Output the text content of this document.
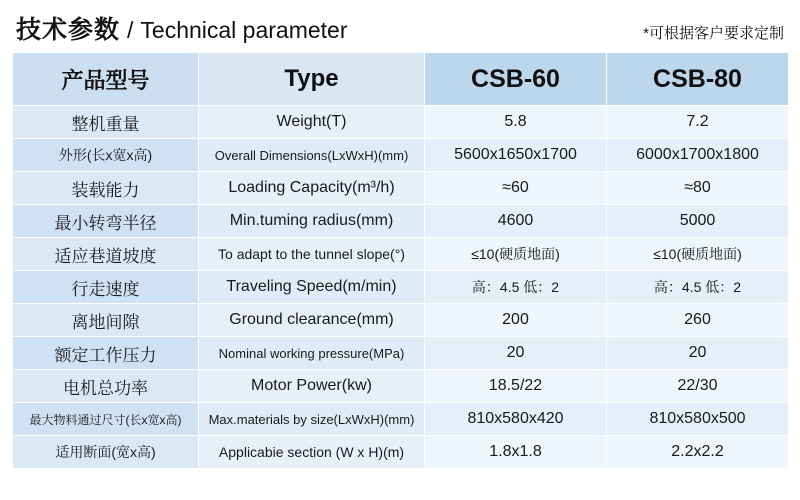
技术参数 / Technical parameter	*可根据客户要求定制
产品型号	Type	CSB-60	CSB-80
整机重量	Weight(T)	5.8	7.2
外形(长x宽x高)	Overall Dimensions(LxWxH)(mm)	5600x1650x1700	6000x1700x1800
装载能力	Loading Capacity(m³/h)	≈60	≈80
最小转弯半径	Min.tuming radius(mm)	4600	5000
适应巷道坡度	To adapt to the tunnel slope(°)	≤10(硬质地面)	≤10(硬质地面)
行走速度	Traveling Speed(m/min)	高：4.5 低：2	高：4.5 低：2
离地间隙	Ground clearance(mm)	200	260
额定工作压力	Nominal working pressure(MPa)	20	20
电机总功率	Motor Power(kw)	18.5/22	22/30
最大物料通过尺寸(长x宽x高)	Max.materials by size(LxWxH)(mm)	810x580x420	810x580x500
适用断面(宽x高)	Applicabie section (W x H)(m)	1.8x1.8	2.2x2.2
